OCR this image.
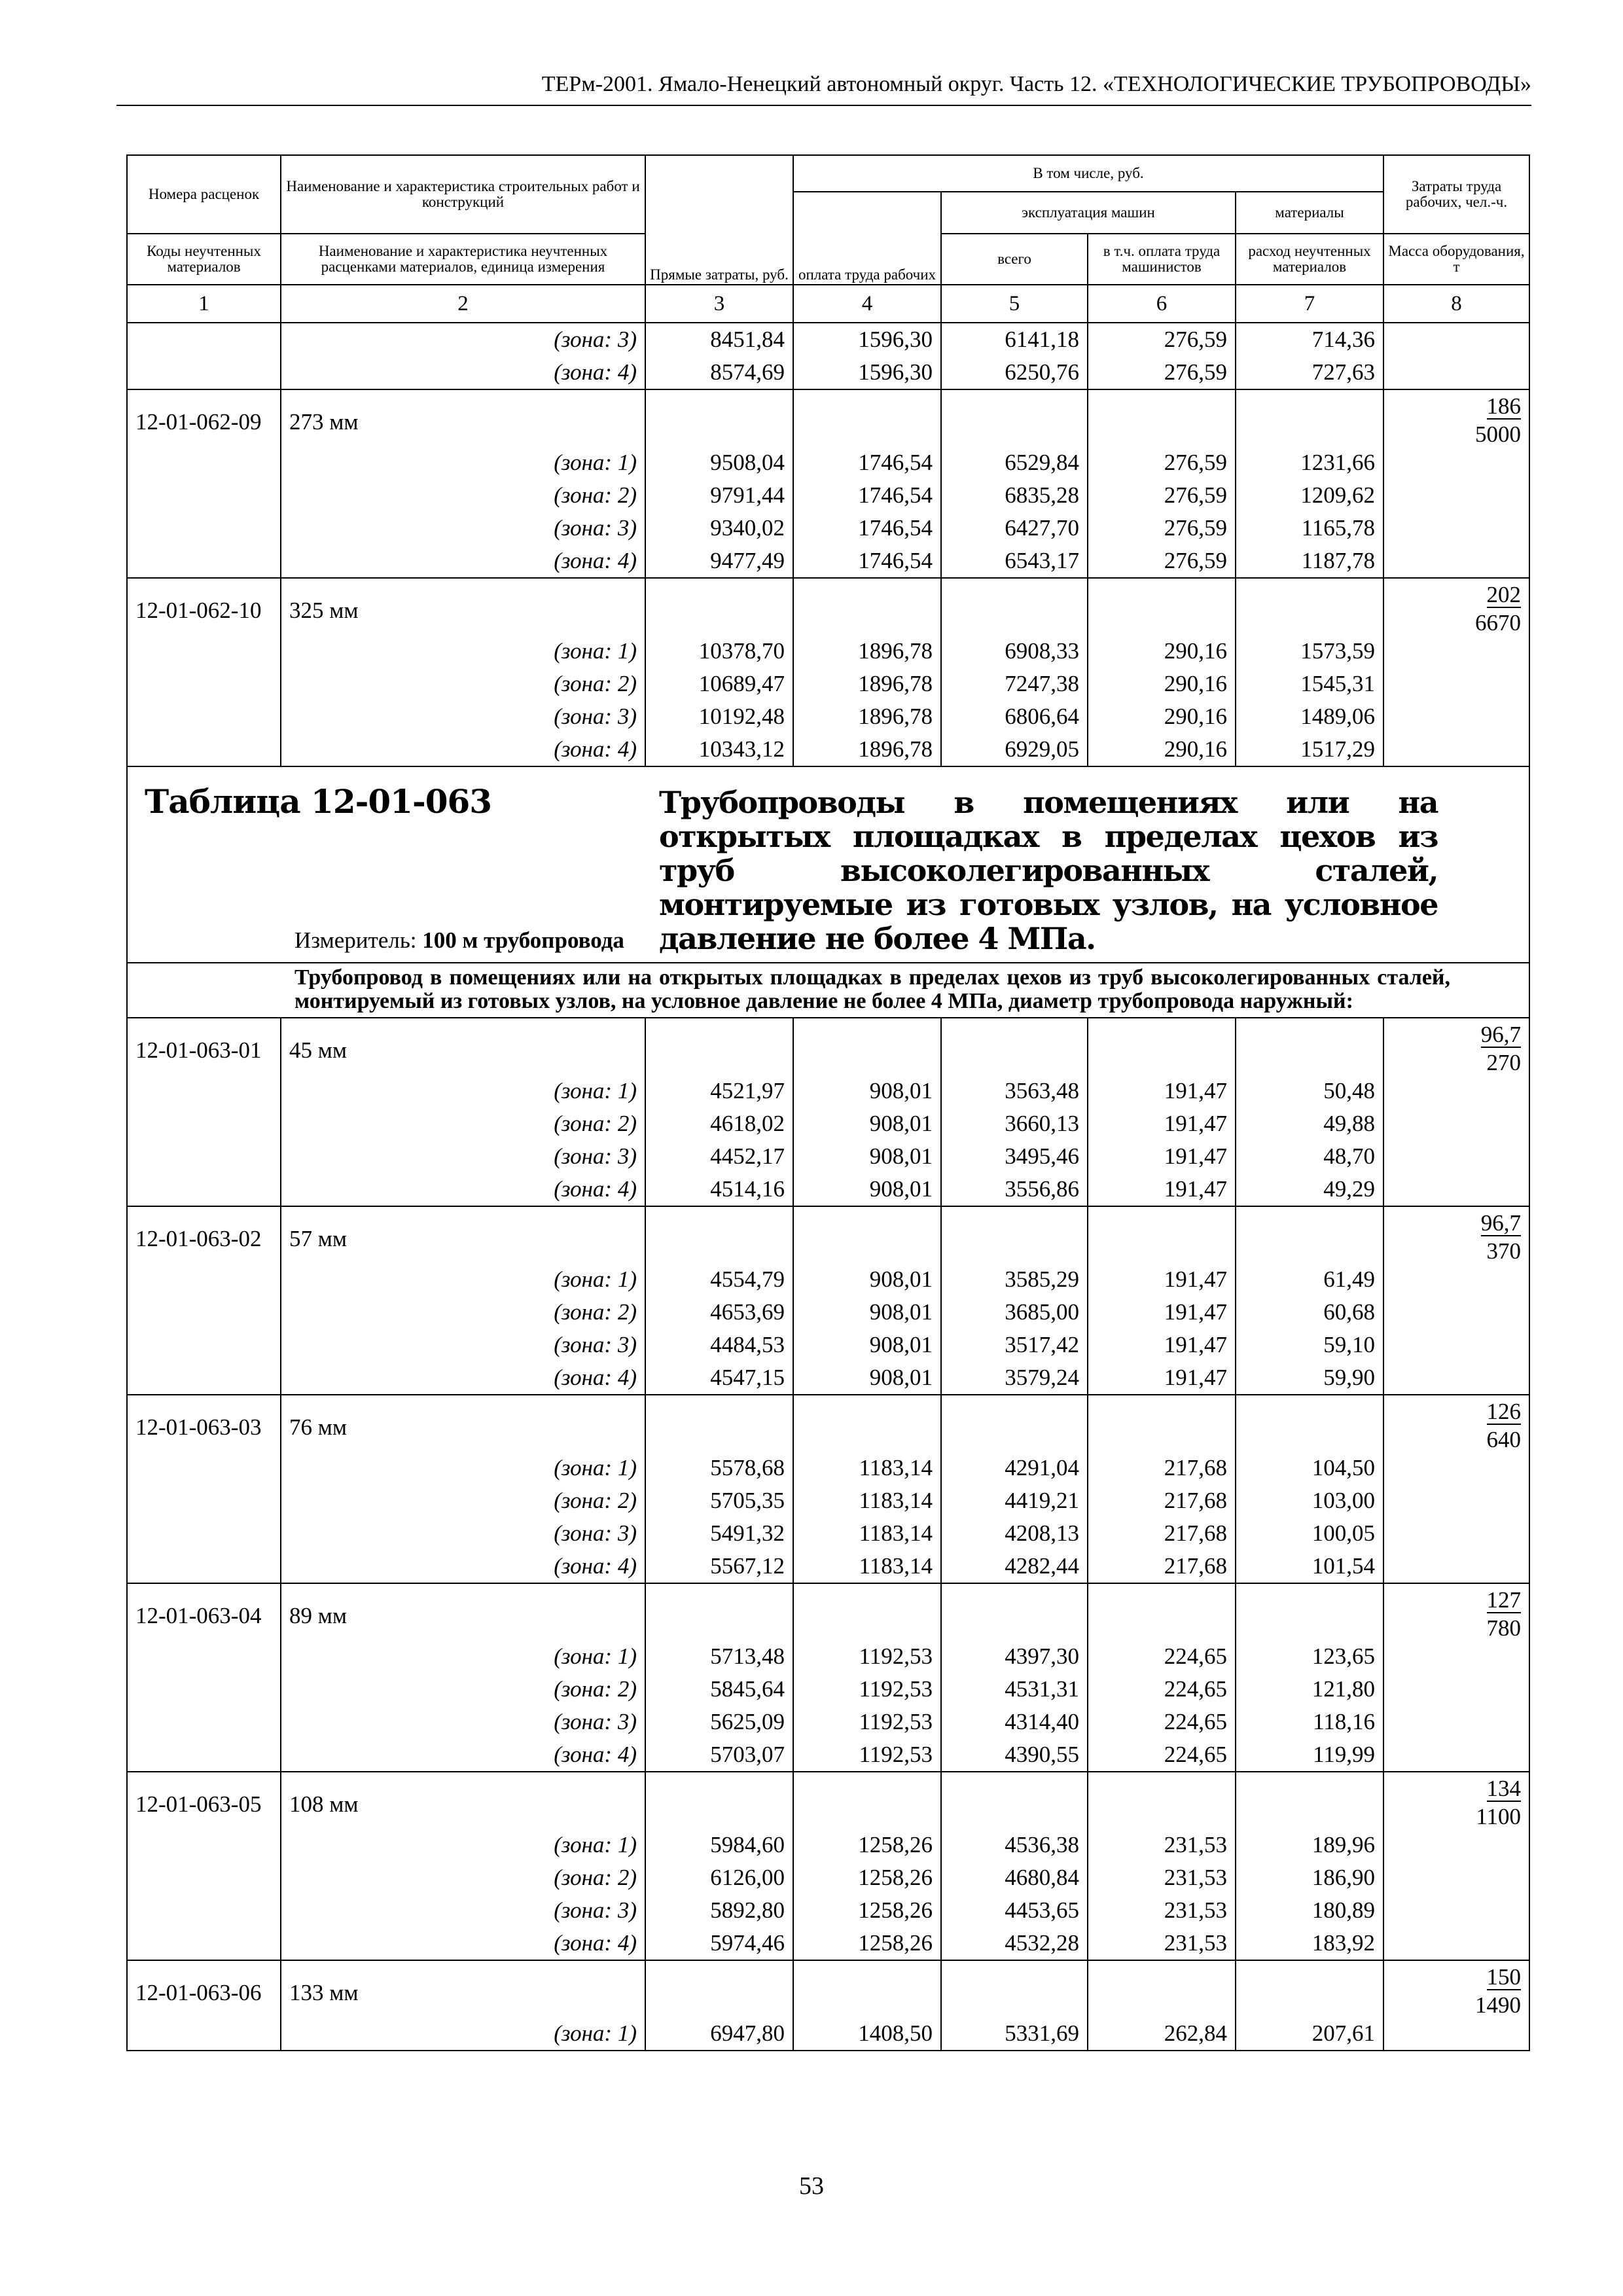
ТЕРм-2001. Ямало-Ненецкий автономный округ. Часть 12. «ТЕХНОЛОГИЧЕСКИЕ ТРУБОПРОВОДЫ»
Номера расценок	Наименование и характеристика строительных работ и конструкций	Прямые затраты, руб.	В том числе, руб.				Затраты труда рабочих, чел.-ч.
			оплата труда рабочих	эксплуатация машин		материалы	
Коды неучтенных материалов	Наименование и характеристика неучтенных расценками материалов, единица измерения			всего	в т.ч. оплата труда машинистов	расход неучтенных материалов	Масса оборудования, т
1	2	3	4	5	6	7	8
	(зона: 3)	8451,84	1596,30	6141,18	276,59	714,36	
	(зона: 4)	8574,69	1596,30	6250,76	276,59	727,63	
12-01-062-09	273 мм						186
5000

	(зона: 1)	9508,04	1746,54	6529,84	276,59	1231,66	
	(зона: 2)	9791,44	1746,54	6835,28	276,59	1209,62	
	(зона: 3)	9340,02	1746,54	6427,70	276,59	1165,78	
	(зона: 4)	9477,49	1746,54	6543,17	276,59	1187,78	
12-01-062-10	325 мм						202
6670

	(зона: 1)	10378,70	1896,78	6908,33	290,16	1573,59	
	(зона: 2)	10689,47	1896,78	7247,38	290,16	1545,31	
	(зона: 3)	10192,48	1896,78	6806,64	290,16	1489,06	
	(зона: 4)	10343,12	1896,78	6929,05	290,16	1517,29	

Таблица 12-01-063 Трубопроводы в помещениях или на открытых площадках в пределах цехов из труб высоколегированных сталей, монтируемые из готовых узлов, на условное давление не более 4 МПа.
Измеритель: 100 м трубопровода							

Трубопровод в помещениях или на открытых площадках в пределах цехов из труб высоколегированных сталей, монтируемый из готовых узлов, на условное давление не более 4 МПа, диаметр трубопровода наружный:							
12-01-063-01	45 мм						96,7
270

	(зона: 1)	4521,97	908,01	3563,48	191,47	50,48	
	(зона: 2)	4618,02	908,01	3660,13	191,47	49,88	
	(зона: 3)	4452,17	908,01	3495,46	191,47	48,70	
	(зона: 4)	4514,16	908,01	3556,86	191,47	49,29	
12-01-063-02	57 мм						96,7
370

	(зона: 1)	4554,79	908,01	3585,29	191,47	61,49	
	(зона: 2)	4653,69	908,01	3685,00	191,47	60,68	
	(зона: 3)	4484,53	908,01	3517,42	191,47	59,10	
	(зона: 4)	4547,15	908,01	3579,24	191,47	59,90	
12-01-063-03	76 мм						126
640

	(зона: 1)	5578,68	1183,14	4291,04	217,68	104,50	
	(зона: 2)	5705,35	1183,14	4419,21	217,68	103,00	
	(зона: 3)	5491,32	1183,14	4208,13	217,68	100,05	
	(зона: 4)	5567,12	1183,14	4282,44	217,68	101,54	
12-01-063-04	89 мм						127
780

	(зона: 1)	5713,48	1192,53	4397,30	224,65	123,65	
	(зона: 2)	5845,64	1192,53	4531,31	224,65	121,80	
	(зона: 3)	5625,09	1192,53	4314,40	224,65	118,16	
	(зона: 4)	5703,07	1192,53	4390,55	224,65	119,99	
12-01-063-05	108 мм						134
1100

	(зона: 1)	5984,60	1258,26	4536,38	231,53	189,96	
	(зона: 2)	6126,00	1258,26	4680,84	231,53	186,90	
	(зона: 3)	5892,80	1258,26	4453,65	231,53	180,89	
	(зона: 4)	5974,46	1258,26	4532,28	231,53	183,92	
12-01-063-06	133 мм						150
1490

	(зона: 1)	6947,80	1408,50	5331,69	262,84	207,61	
53
